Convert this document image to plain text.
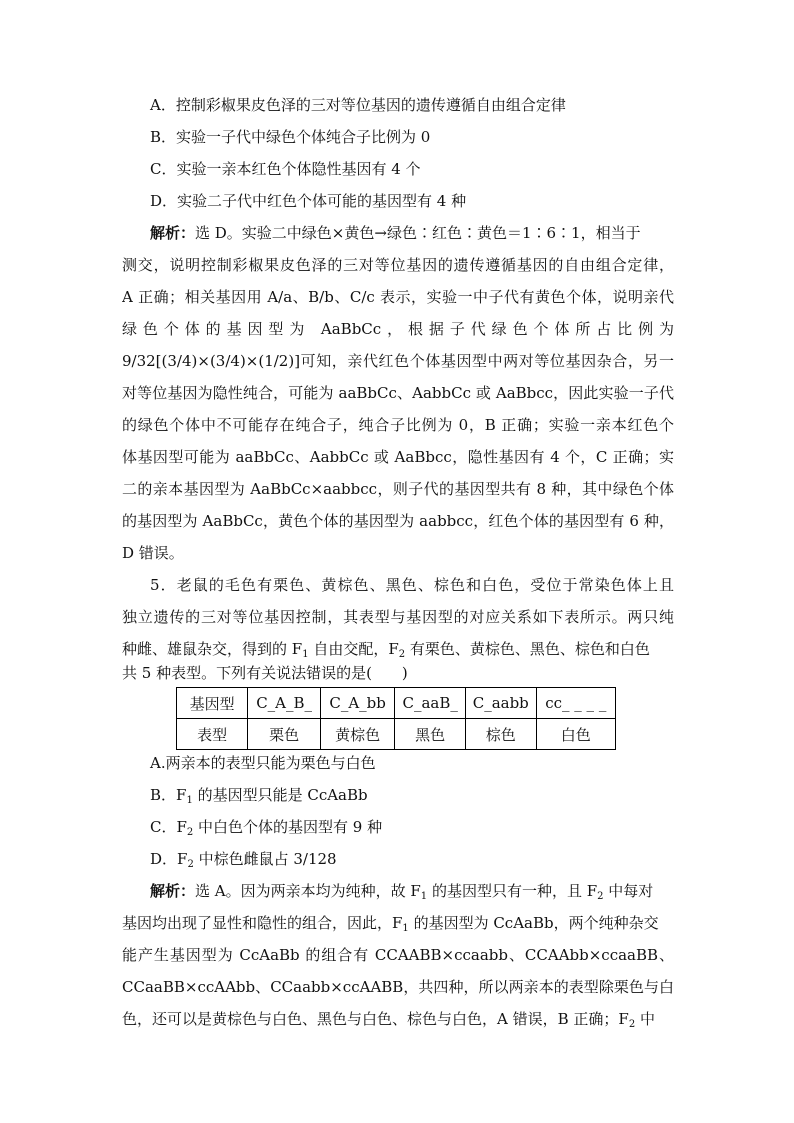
A．控制彩椒果皮色泽的三对等位基因的遗传遵循自由组合定律
B．实验一子代中绿色个体纯合子比例为 0
C．实验一亲本红色个体隐性基因有 4 个
D．实验二子代中红色个体可能的基因型有 4 种
解析：选 D。实验二中绿色×黄色→绿色∶红色∶黄色＝1∶6∶1，相当于
测交，说明控制彩椒果皮色泽的三对等位基因的遗传遵循基因的自由组合定律，
A 正确；相关基因用 A/a、B/b、C/c 表示，实验一中子代有黄色个体，说明亲代
绿色个体的基因型为 AaBbCc，根据子代绿色个体所占比例为
9/32[(3/4)×(3/4)×(1/2)]可知，亲代红色个体基因型中两对等位基因杂合，另一
对等位基因为隐性纯合，可能为 aaBbCc、AabbCc 或 AaBbcc，因此实验一子代
的绿色个体中不可能存在纯合子，纯合子比例为 0，B 正确；实验一亲本红色个
体基因型可能为 aaBbCc、AabbCc 或 AaBbcc，隐性基因有 4 个，C 正确；实
二的亲本基因型为 AaBbCc×aabbcc，则子代的基因型共有 8 种，其中绿色个体
的基因型为 AaBbCc，黄色个体的基因型为 aabbcc，红色个体的基因型有 6 种，
D 错误。
5．老鼠的毛色有栗色、黄棕色、黑色、棕色和白色，受位于常染色体上且
独立遗传的三对等位基因控制，其表型与基因型的对应关系如下表所示。两只纯
种雌、雄鼠杂交，得到的 $F_1$ 自由交配，$F_2$ 有栗色、黄棕色、黑色、棕色和白色
共 5 种表型。下列有关说法错误的是(　　)
基因型	C_A_B_	C_A_bb	C_aaB_	C_aabb	cc_ _ _ _
表型	栗色	黄棕色	黑色	棕色	白色
A.两亲本的表型只能为栗色与白色
B．$F_1$ 的基因型只能是 CcAaBb
C．$F_2$ 中白色个体的基因型有 9 种
D．$F_2$ 中棕色雌鼠占 3/128
解析：选 A。因为两亲本均为纯种，故 $F_1$ 的基因型只有一种，且 $F_2$ 中每对
基因均出现了显性和隐性的组合，因此，$F_1$ 的基因型为 CcAaBb，两个纯种杂交
能产生基因型为 CcAaBb 的组合有 CCAABB×ccaabb、CCAAbb×ccaaBB、
CCaaBB×ccAAbb、CCaabb×ccAABB，共四种，所以两亲本的表型除栗色与白
色，还可以是黄棕色与白色、黑色与白色、棕色与白色，A 错误，B 正确；$F_2$ 中
